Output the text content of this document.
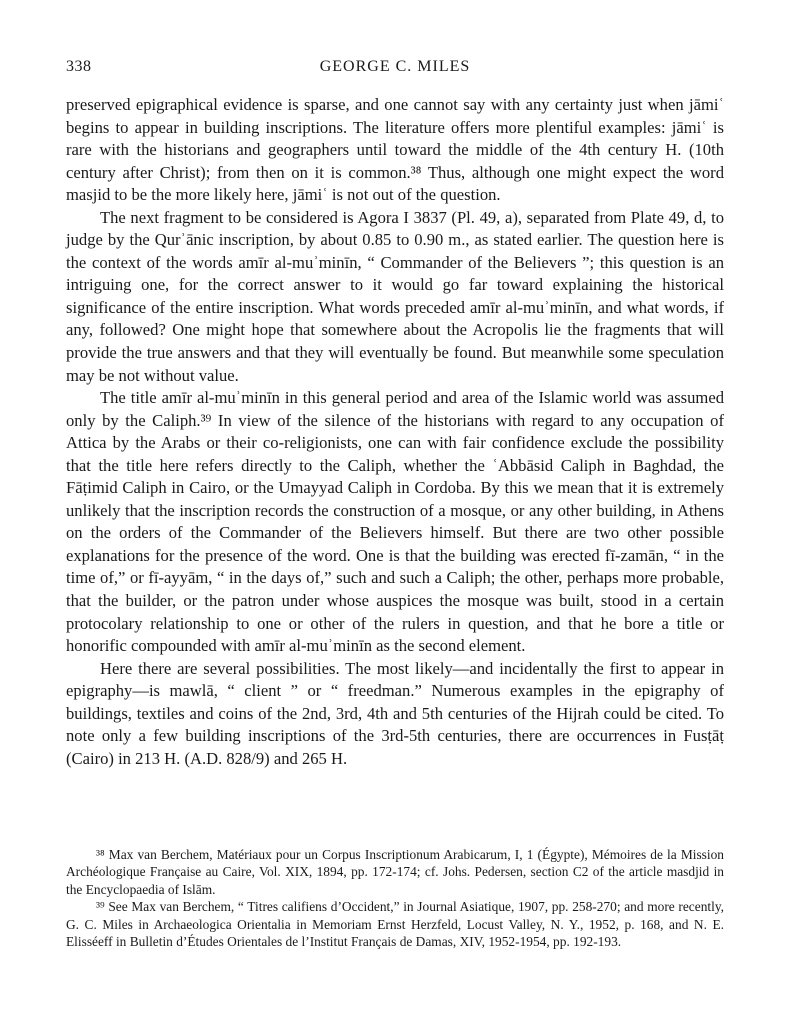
338	GEORGE C. MILES

preserved epigraphical evidence is sparse, and one cannot say with any certainty just when jāmiʿ begins to appear in building inscriptions. The literature offers more plentiful examples: jāmiʿ is rare with the historians and geographers until toward the middle of the 4th century H. (10th century after Christ); from then on it is common.³⁸ Thus, although one might expect the word masjid to be the more likely here, jāmiʿ is not out of the question.

The next fragment to be considered is Agora I 3837 (Pl. 49, a), separated from Plate 49, d, to judge by the Qurʾānic inscription, by about 0.85 to 0.90 m., as stated earlier. The question here is the context of the words amīr al-muʾminīn, “ Commander of the Believers ”; this question is an intriguing one, for the correct answer to it would go far toward explaining the historical significance of the entire inscription. What words preceded amīr al-muʾminīn, and what words, if any, followed? One might hope that somewhere about the Acropolis lie the fragments that will provide the true answers and that they will eventually be found. But meanwhile some speculation may be not without value.

The title amīr al-muʾminīn in this general period and area of the Islamic world was assumed only by the Caliph.³⁹ In view of the silence of the historians with regard to any occupation of Attica by the Arabs or their co-religionists, one can with fair confidence exclude the possibility that the title here refers directly to the Caliph, whether the ʿAbbāsid Caliph in Baghdad, the Fāṭimid Caliph in Cairo, or the Umayyad Caliph in Cordoba. By this we mean that it is extremely unlikely that the inscription records the construction of a mosque, or any other building, in Athens on the orders of the Commander of the Believers himself. But there are two other possible explanations for the presence of the word. One is that the building was erected fī-zamān, “ in the time of,” or fī-ayyām, “ in the days of,” such and such a Caliph; the other, perhaps more probable, that the builder, or the patron under whose auspices the mosque was built, stood in a certain protocolary relationship to one or other of the rulers in question, and that he bore a title or honorific compounded with amīr al-muʾminīn as the second element.

Here there are several possibilities. The most likely—and incidentally the first to appear in epigraphy—is mawlā, “ client ” or “ freedman.” Numerous examples in the epigraphy of buildings, textiles and coins of the 2nd, 3rd, 4th and 5th centuries of the Hijrah could be cited. To note only a few building inscriptions of the 3rd-5th centuries, there are occurrences in Fusṭāṭ (Cairo) in 213 H. (A.D. 828/9) and 265 H.

³⁸ Max van Berchem, Matériaux pour un Corpus Inscriptionum Arabicarum, I, 1 (Égypte), Mémoires de la Mission Archéologique Française au Caire, Vol. XIX, 1894, pp. 172-174; cf. Johs. Pedersen, section C2 of the article masdjid in the Encyclopaedia of Islām.

³⁹ See Max van Berchem, “ Titres califiens d’Occident,” in Journal Asiatique, 1907, pp. 258-270; and more recently, G. C. Miles in Archaeologica Orientalia in Memoriam Ernst Herzfeld, Locust Valley, N. Y., 1952, p. 168, and N. E. Elisséeff in Bulletin d’Études Orientales de l’Institut Français de Damas, XIV, 1952-1954, pp. 192-193.
